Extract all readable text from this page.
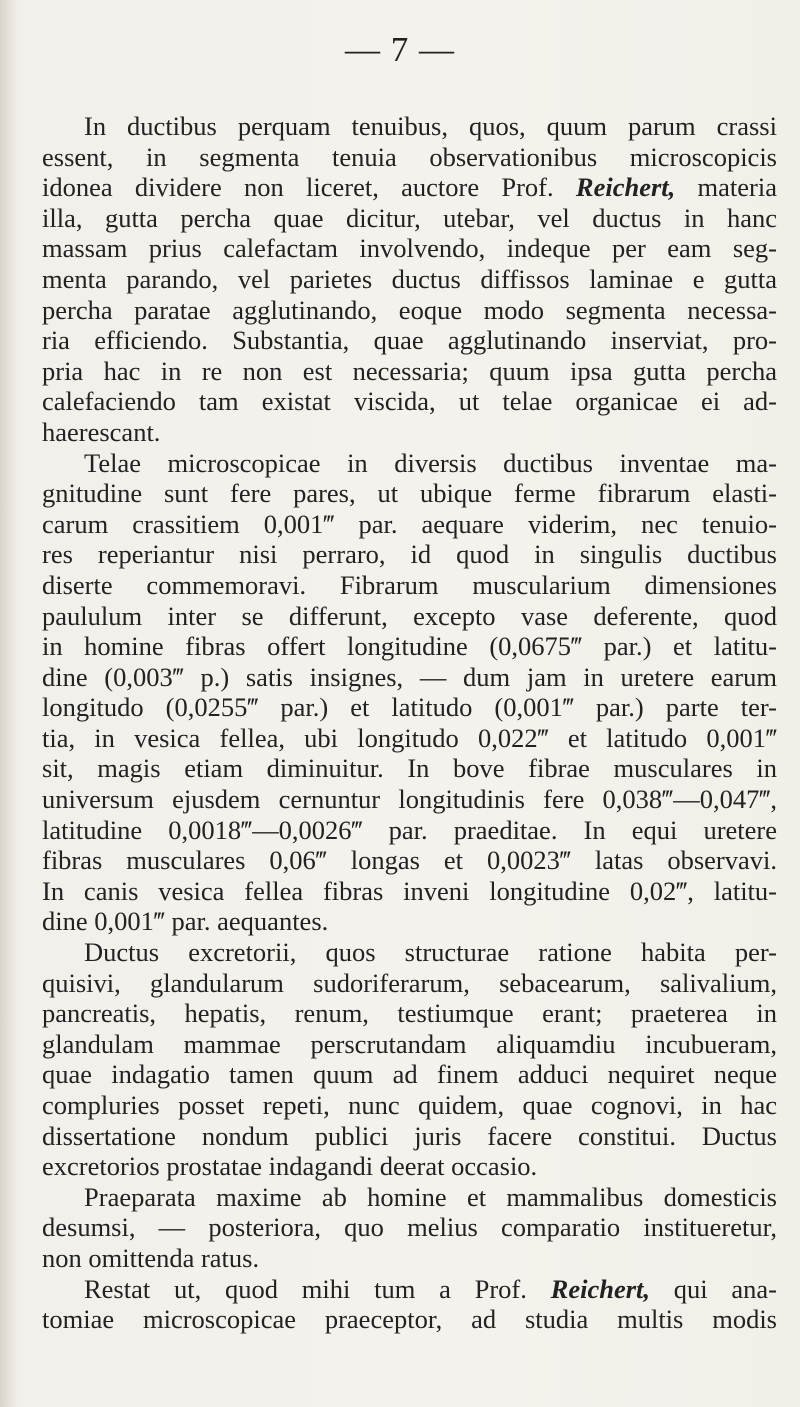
— 7 —
In ductibus perquam tenuibus, quos, quum parum crassi
essent, in segmenta tenuia observationibus microscopicis
idonea dividere non liceret, auctore Prof. Reichert, materia
illa, gutta percha quae dicitur, utebar, vel ductus in hanc
massam prius calefactam involvendo, indeque per eam seg-
menta parando, vel parietes ductus diffissos laminae e gutta
percha paratae agglutinando, eoque modo segmenta necessa-
ria efficiendo. Substantia, quae agglutinando inserviat, pro-
pria hac in re non est necessaria; quum ipsa gutta percha
calefaciendo tam existat viscida, ut telae organicae ei ad-
haerescant.
Telae microscopicae in diversis ductibus inventae ma-
gnitudine sunt fere pares, ut ubique ferme fibrarum elasti-
carum crassitiem 0,001‴ par. aequare viderim, nec tenuio-
res reperiantur nisi perraro, id quod in singulis ductibus
diserte commemoravi. Fibrarum muscularium dimensiones
paululum inter se differunt, excepto vase deferente, quod
in homine fibras offert longitudine (0,0675‴ par.) et latitu-
dine (0,003‴ p.) satis insignes, — dum jam in uretere earum
longitudo (0,0255‴ par.) et latitudo (0,001‴ par.) parte ter-
tia, in vesica fellea, ubi longitudo 0,022‴ et latitudo 0,001‴
sit, magis etiam diminuitur. In bove fibrae musculares in
universum ejusdem cernuntur longitudinis fere 0,038‴—0,047‴,
latitudine 0,0018‴—0,0026‴ par. praeditae. In equi uretere
fibras musculares 0,06‴ longas et 0,0023‴ latas observavi.
In canis vesica fellea fibras inveni longitudine 0,02‴, latitu-
dine 0,001‴ par. aequantes.
Ductus excretorii, quos structurae ratione habita per-
quisivi, glandularum sudoriferarum, sebacearum, salivalium,
pancreatis, hepatis, renum, testiumque erant; praeterea in
glandulam mammae perscrutandam aliquamdiu incubueram,
quae indagatio tamen quum ad finem adduci nequiret neque
compluries posset repeti, nunc quidem, quae cognovi, in hac
dissertatione nondum publici juris facere constitui. Ductus
excretorios prostatae indagandi deerat occasio.
Praeparata maxime ab homine et mammalibus domesticis
desumsi, — posteriora, quo melius comparatio institueretur,
non omittenda ratus.
Restat ut, quod mihi tum a Prof. Reichert, qui ana-
tomiae microscopicae praeceptor, ad studia multis modis
